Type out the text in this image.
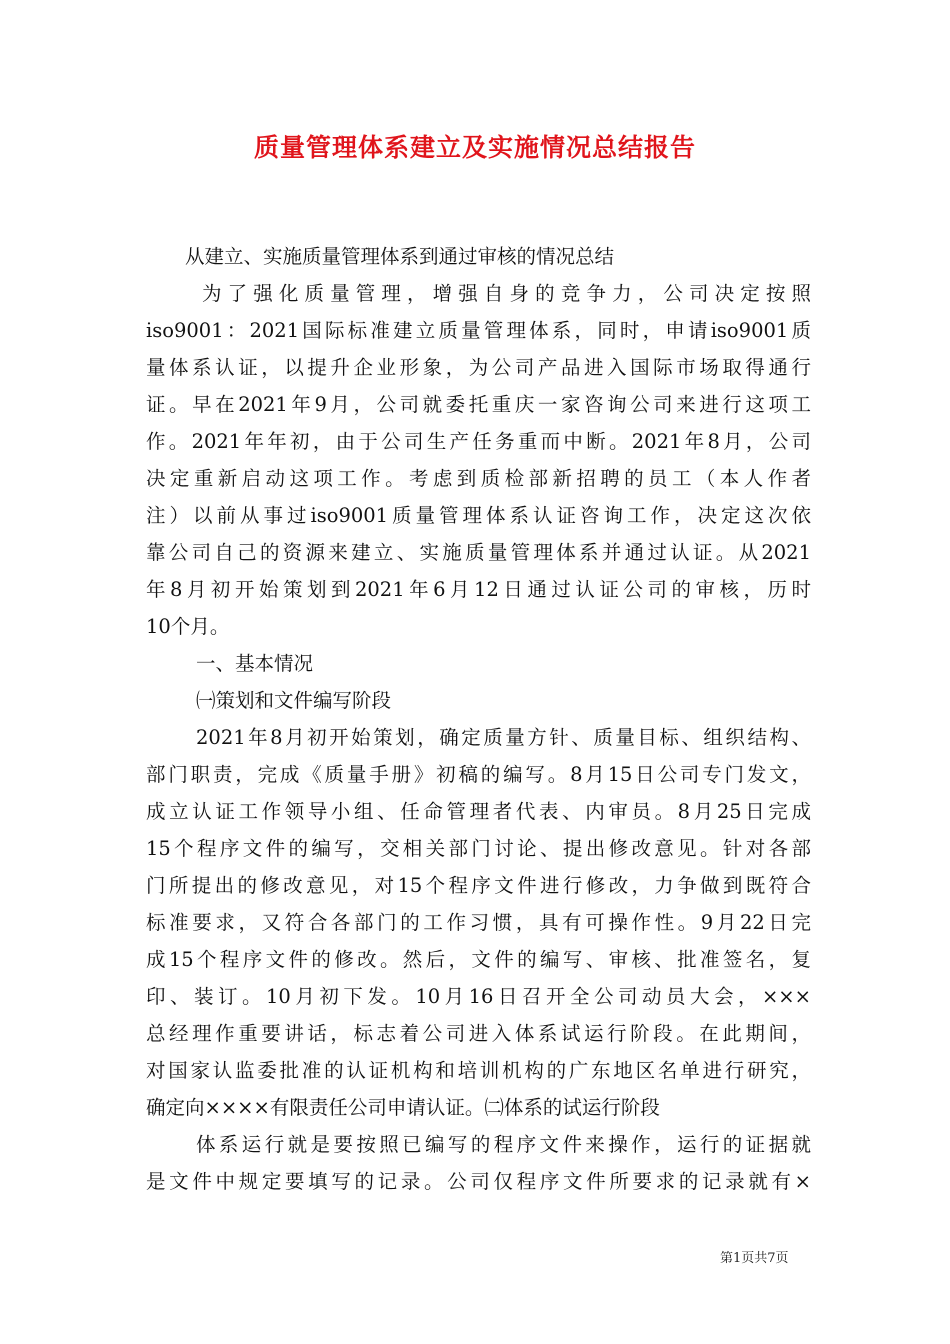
质量管理体系建立及实施情况总结报告
从建立、实施质量管理体系到通过审核的情况总结
为了强化质量管理，增强自身的竞争力，公司决定按照
iso9001：2021国际标准建立质量管理体系，同时，申请iso9001质
量体系认证，以提升企业形象，为公司产品进入国际市场取得通行
证。早在2021年9月，公司就委托重庆一家咨询公司来进行这项工
作。2021年年初，由于公司生产任务重而中断。2021年8月，公司
决定重新启动这项工作。考虑到质检部新招聘的员工（本人作者
注）以前从事过iso9001质量管理体系认证咨询工作，决定这次依
靠公司自己的资源来建立、实施质量管理体系并通过认证。从2021
年8月初开始策划到2021年6月12日通过认证公司的审核，历时
10个月。
一、基本情况
㈠策划和文件编写阶段
2021年8月初开始策划，确定质量方针、质量目标、组织结构、
部门职责，完成《质量手册》初稿的编写。8月15日公司专门发文，
成立认证工作领导小组、任命管理者代表、内审员。8月25日完成
15个程序文件的编写，交相关部门讨论、提出修改意见。针对各部
门所提出的修改意见，对15个程序文件进行修改，力争做到既符合
标准要求，又符合各部门的工作习惯，具有可操作性。9月22日完
成15个程序文件的修改。然后，文件的编写、审核、批准签名，复
印、装订。10月初下发。10月16日召开全公司动员大会，×××
总经理作重要讲话，标志着公司进入体系试运行阶段。在此期间，
对国家认监委批准的认证机构和培训机构的广东地区名单进行研究，
确定向××××有限责任公司申请认证。㈡体系的试运行阶段
体系运行就是要按照已编写的程序文件来操作，运行的证据就
是文件中规定要填写的记录。公司仅程序文件所要求的记录就有×
第1页共7页
